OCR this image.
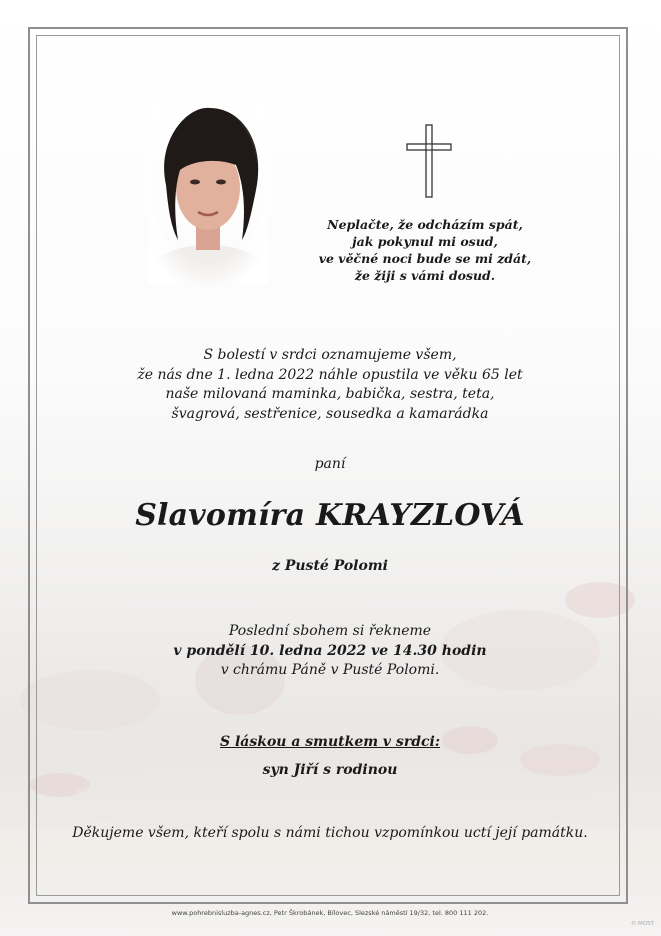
Neplačte, že odcházím spát,
jak pokynul mi osud,
ve věčné noci bude se mi zdát,
že žiji s vámi dosud.
S bolestí v srdci oznamujeme všem,
že nás dne 1. ledna 2022 náhle opustila ve věku 65 let
naše milovaná maminka, babička, sestra, teta,
švagrová, sestřenice, sousedka a kamarádka
paní
Slavomíra KRAYZLOVÁ
z Pusté Polomi
Poslední sbohem si řekneme
v pondělí 10. ledna 2022 ve 14.30 hodin
v chrámu Páně v Pusté Polomi.
S láskou a smutkem v srdci:
syn Jiří s rodinou
Děkujeme všem, kteří spolu s námi tichou vzpomínkou uctí její památku.
www.pohrebnisluzba-agnes.cz, Petr Škrobánek, Bílovec, Slezské náměstí 19/32, tel. 800 111 202.
© MOST
